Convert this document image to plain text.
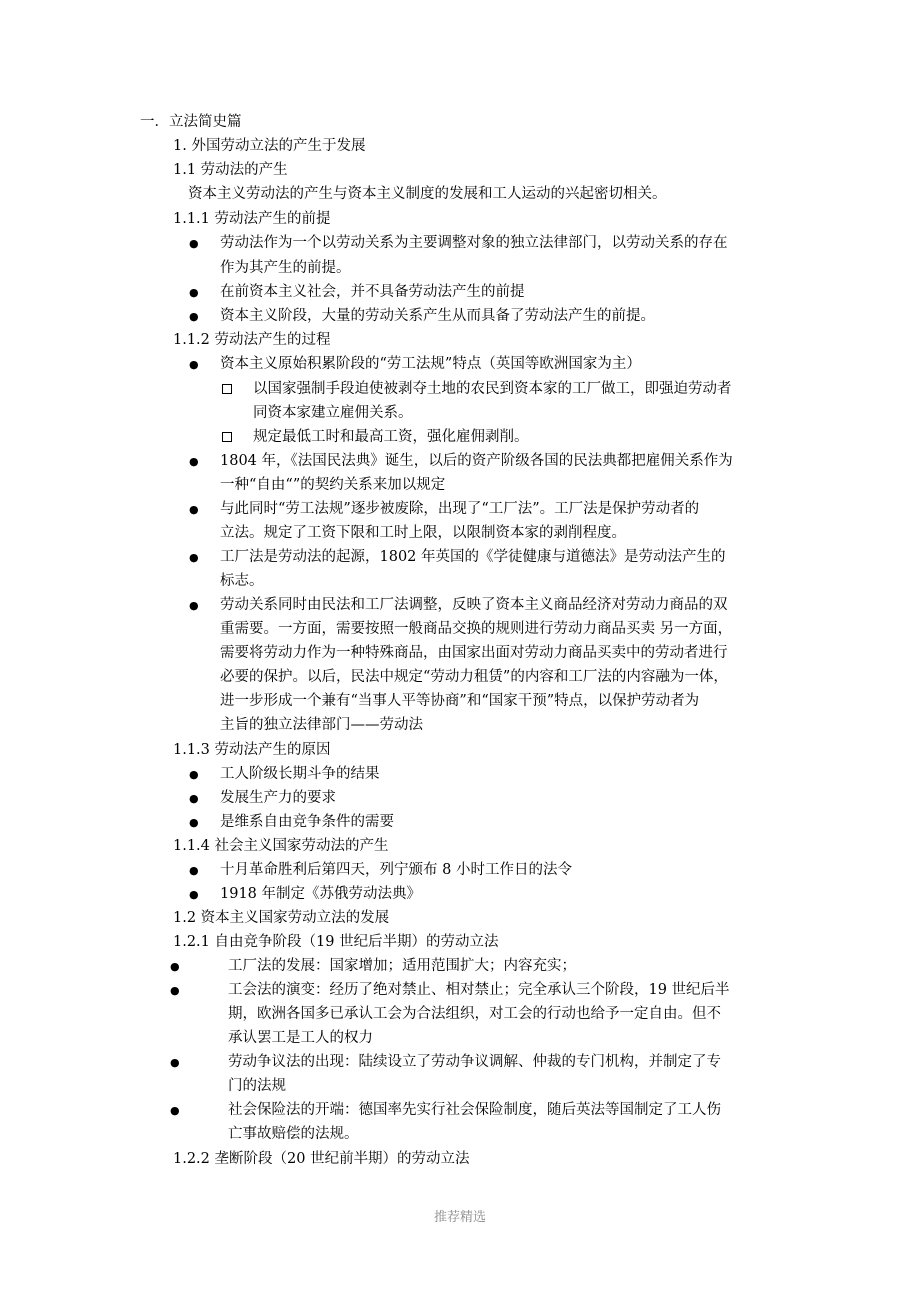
一．立法简史篇
1. 外国劳动立法的产生于发展
1.1 劳动法的产生
资本主义劳动法的产生与资本主义制度的发展和工人运动的兴起密切相关。
1.1.1 劳动法产生的前提
● 劳动法作为一个以劳动关系为主要调整对象的独立法律部门，以劳动关系的存在
作为其产生的前提。
● 在前资本主义社会，并不具备劳动法产生的前提
● 资本主义阶段，大量的劳动关系产生从而具备了劳动法产生的前提。
1.1.2 劳动法产生的过程
● 资本主义原始积累阶段的“劳工法规”特点（英国等欧洲国家为主）
以国家强制手段迫使被剥夺土地的农民到资本家的工厂做工，即强迫劳动者
同资本家建立雇佣关系。
规定最低工时和最高工资，强化雇佣剥削。
● 1804 年，《法国民法典》诞生，以后的资产阶级各国的民法典都把雇佣关系作为
一种“自由“”的契约关系来加以规定
● 与此同时“劳工法规”逐步被废除，出现了“工厂法”。工厂法是保护劳动者的
立法。规定了工资下限和工时上限，以限制资本家的剥削程度。
● 工厂法是劳动法的起源，1802 年英国的《学徒健康与道德法》是劳动法产生的
标志。
● 劳动关系同时由民法和工厂法调整，反映了资本主义商品经济对劳动力商品的双
重需要。一方面，需要按照一般商品交换的规则进行劳动力商品买卖 另一方面，
需要将劳动力作为一种特殊商品，由国家出面对劳动力商品买卖中的劳动者进行
必要的保护。以后，民法中规定“劳动力租赁”的内容和工厂法的内容融为一体，
进一步形成一个兼有“当事人平等协商”和“国家干预”特点，以保护劳动者为
主旨的独立法律部门——劳动法
1.1.3 劳动法产生的原因
● 工人阶级长期斗争的结果
● 发展生产力的要求
● 是维系自由竞争条件的需要
1.1.4 社会主义国家劳动法的产生
● 十月革命胜利后第四天，列宁颁布 8 小时工作日的法令
● 1918 年制定《苏俄劳动法典》
1.2 资本主义国家劳动立法的发展
1.2.1 自由竞争阶段（19 世纪后半期）的劳动立法
●	工厂法的发展：国家增加；适用范围扩大；内容充实；
●	工会法的演变：经历了绝对禁止、相对禁止；完全承认三个阶段，19 世纪后半
期，欧洲各国多已承认工会为合法组织，对工会的行动也给予一定自由。但不
承认罢工是工人的权力
●	劳动争议法的出现：陆续设立了劳动争议调解、仲裁的专门机构，并制定了专
门的法规
●	社会保险法的开端：德国率先实行社会保险制度，随后英法等国制定了工人伤
亡事故赔偿的法规。
1.2.2 垄断阶段（20 世纪前半期）的劳动立法
推荐精选
